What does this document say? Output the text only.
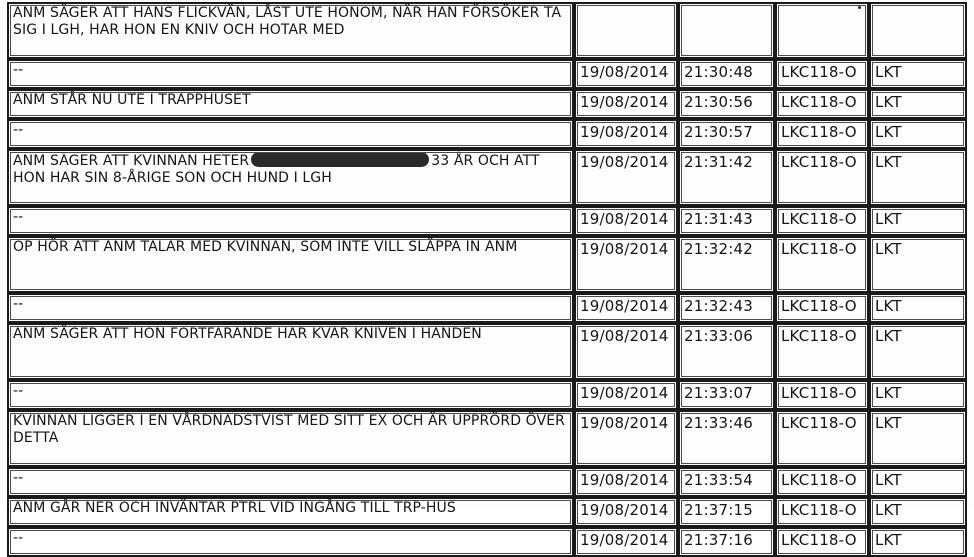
ANM SÄGER ATT HANS FLICKVÄN, LÅST UTE HONOM, NÄR HAN FÖRSÖKER TA SIG I LGH, HAR HON EN KNIV OCH HOTAR MED				
--	19/08/2014	21:30:48	LKC118-O	LKT
ANM STÅR NU UTE I TRAPPHUSET	19/08/2014	21:30:56	LKC118-O	LKT
--	19/08/2014	21:30:57	LKC118-O	LKT
ANM SÄGER ATT KVINNAN HETER 33 ÅR OCH ATT HON HAR SIN 8-ÅRIGE SON OCH HUND I LGH	19/08/2014	21:31:42	LKC118-O	LKT
--	19/08/2014	21:31:43	LKC118-O	LKT
OP HÖR ATT ANM TALAR MED KVINNAN, SOM INTE VILL SLÄPPA IN ANM	19/08/2014	21:32:42	LKC118-O	LKT
--	19/08/2014	21:32:43	LKC118-O	LKT
ANM SÄGER ATT HON FORTFARANDE HAR KVAR KNIVEN I HANDEN	19/08/2014	21:33:06	LKC118-O	LKT
--	19/08/2014	21:33:07	LKC118-O	LKT
KVINNAN LIGGER I EN VÅRDNADSTVIST MED SITT EX OCH ÄR UPPRÖRD ÖVER DETTA	19/08/2014	21:33:46	LKC118-O	LKT
--	19/08/2014	21:33:54	LKC118-O	LKT
ANM GÅR NER OCH INVÄNTAR PTRL VID INGÅNG TILL TRP-HUS	19/08/2014	21:37:15	LKC118-O	LKT
--	19/08/2014	21:37:16	LKC118-O	LKT
